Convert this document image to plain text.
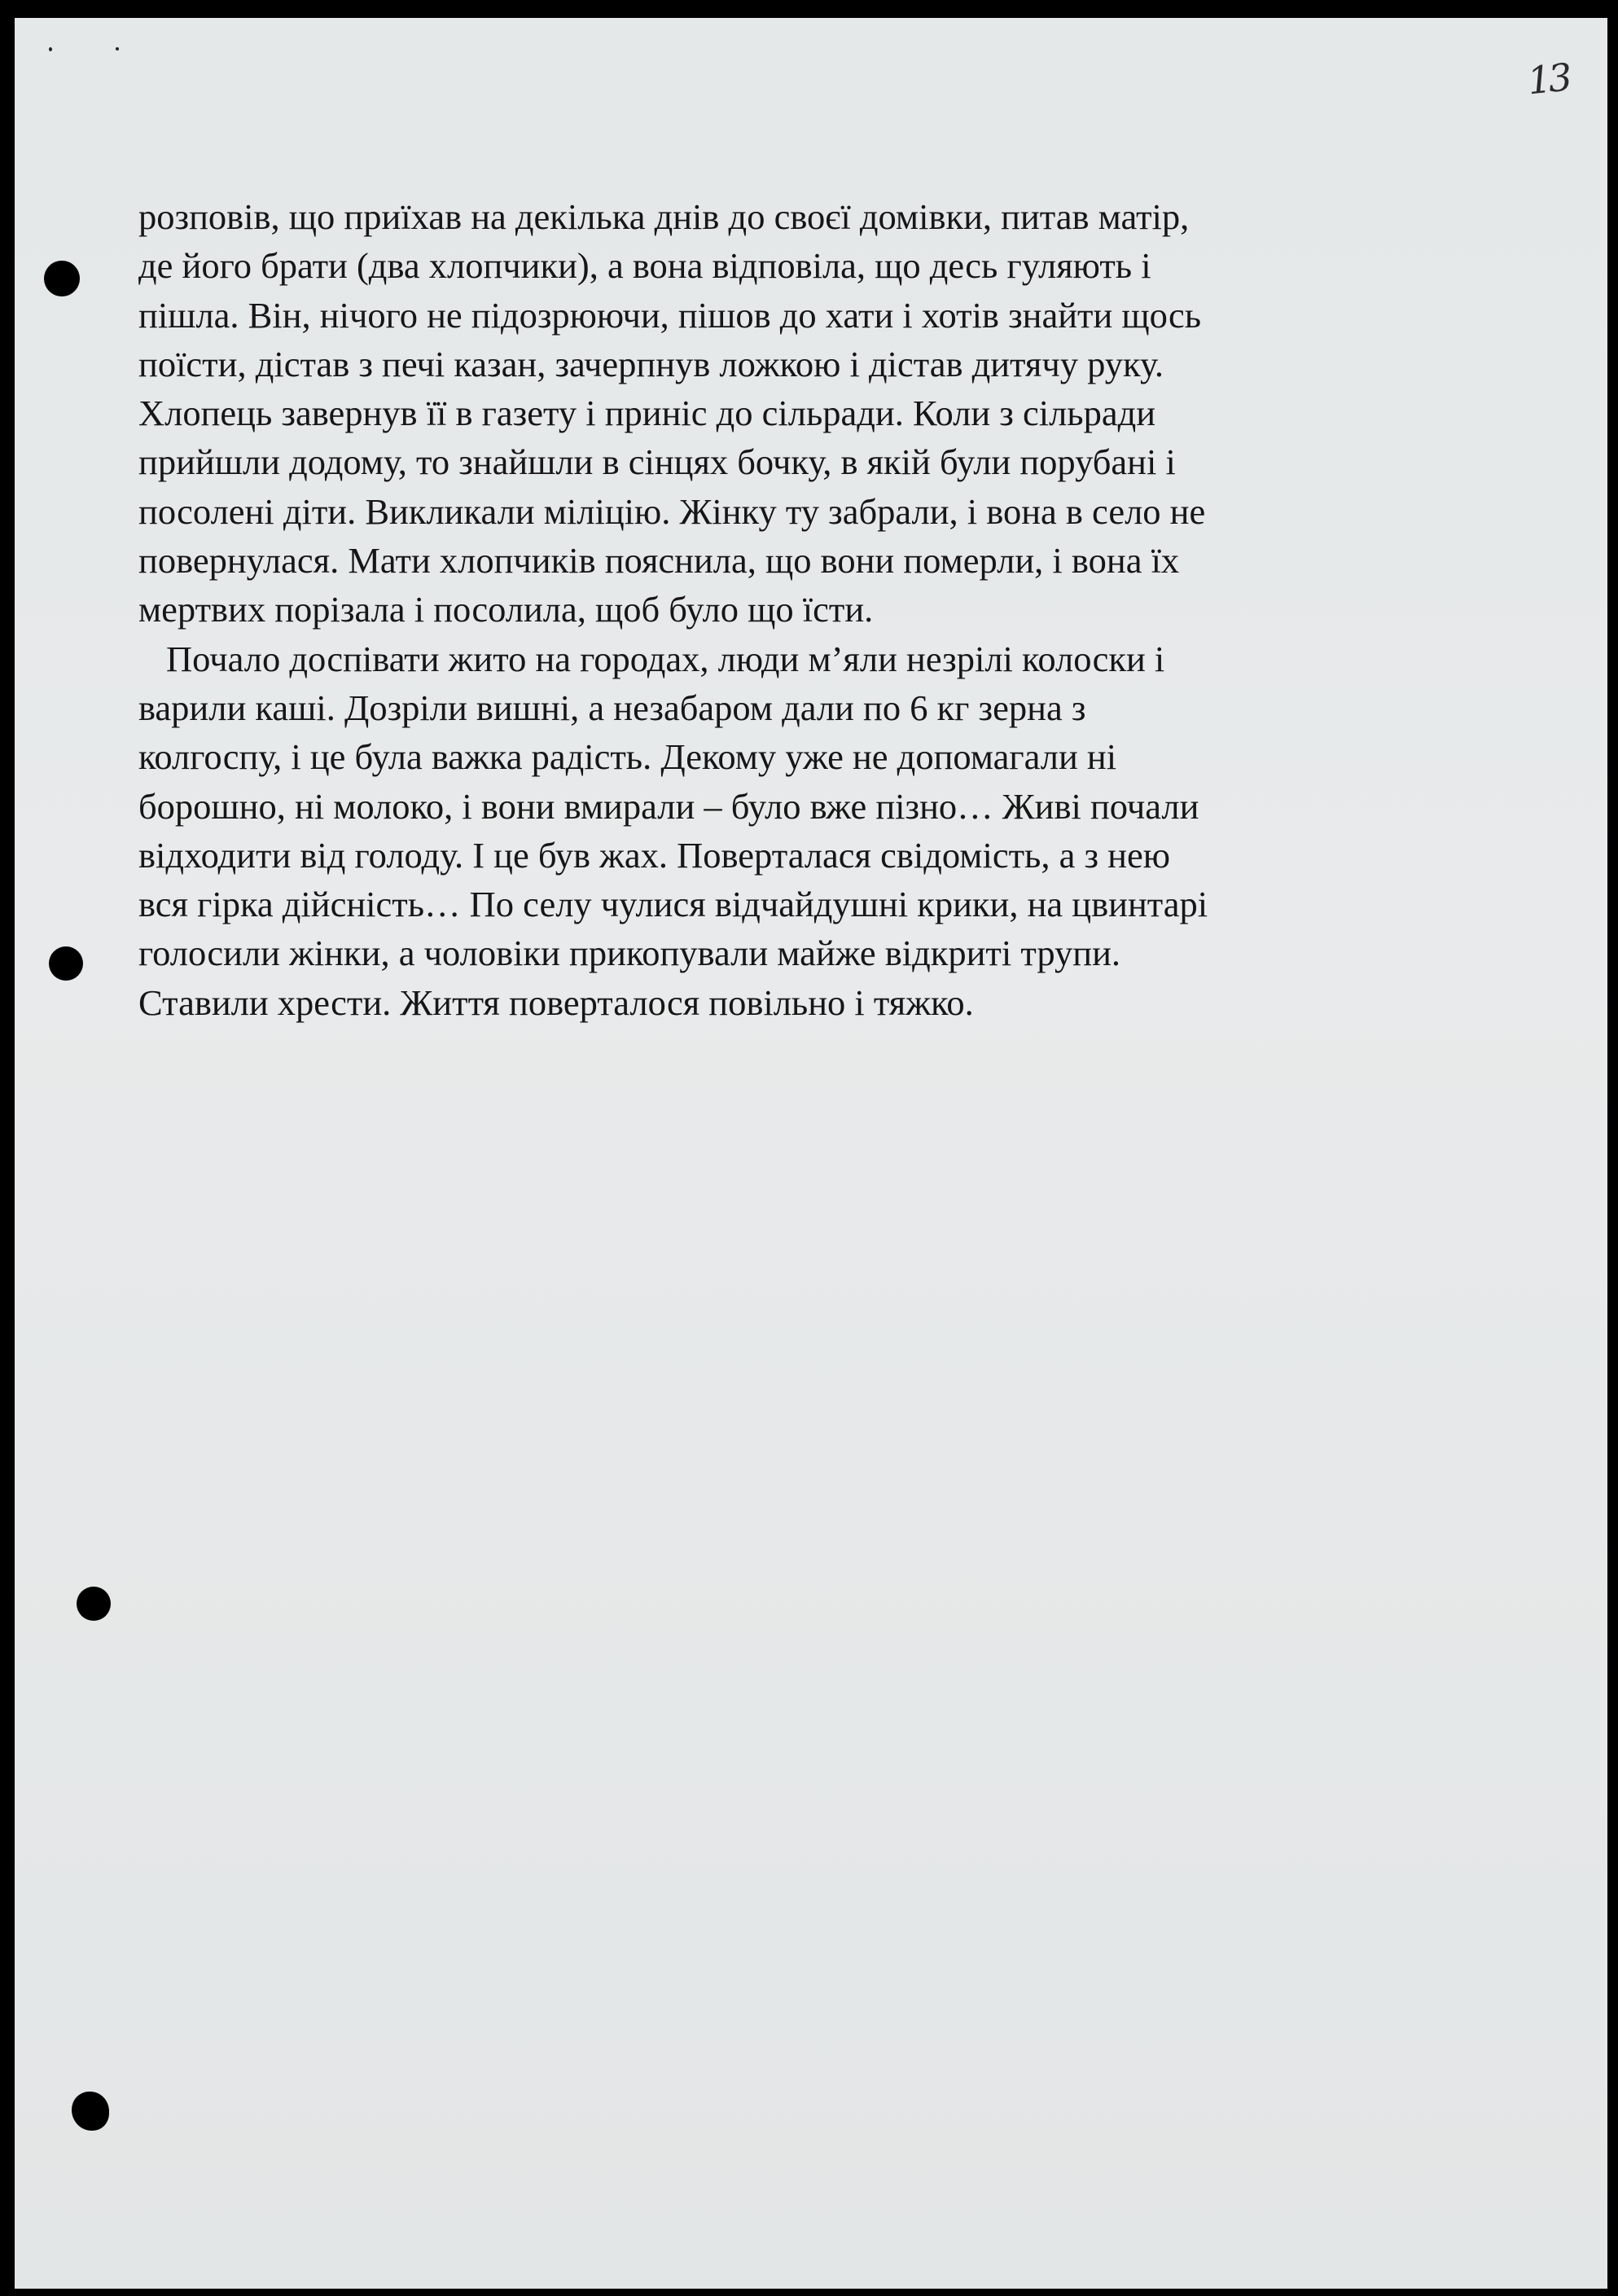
13

розповів, що приїхав на декілька днів до своєї домівки, питав матір,

де його брати (два хлопчики), а вона відповіла, що десь гуляють і

пішла. Він, нічого не підозрюючи, пішов до хати і хотів знайти щось

поїсти, дістав з печі казан, зачерпнув ложкою і дістав дитячу руку.

Хлопець завернув її в газету і приніс до сільради. Коли з сільради

прийшли додому, то знайшли в сінцях бочку, в якій були порубані і

посолені діти. Викликали міліцію. Жінку ту забрали, і вона в село не

повернулася. Мати хлопчиків пояснила, що вони померли, і вона їх

мертвих порізала і посолила, щоб було що їсти.

Почало доспівати жито на городах, люди м’яли незрілі колоски і

варили каші. Дозріли вишні, а незабаром дали по 6 кг зерна з

колгоспу, і це була важка радість. Декому уже не допомагали ні

борошно, ні молоко, і вони вмирали – було вже пізно… Живі почали

відходити від голоду. І це був жах. Поверталася свідомість, а з нею

вся гірка дійсність… По селу чулися відчайдушні крики, на цвинтарі

голосили жінки, а чоловіки прикопували майже відкриті трупи.

Ставили хрести. Життя поверталося повільно і тяжко.
